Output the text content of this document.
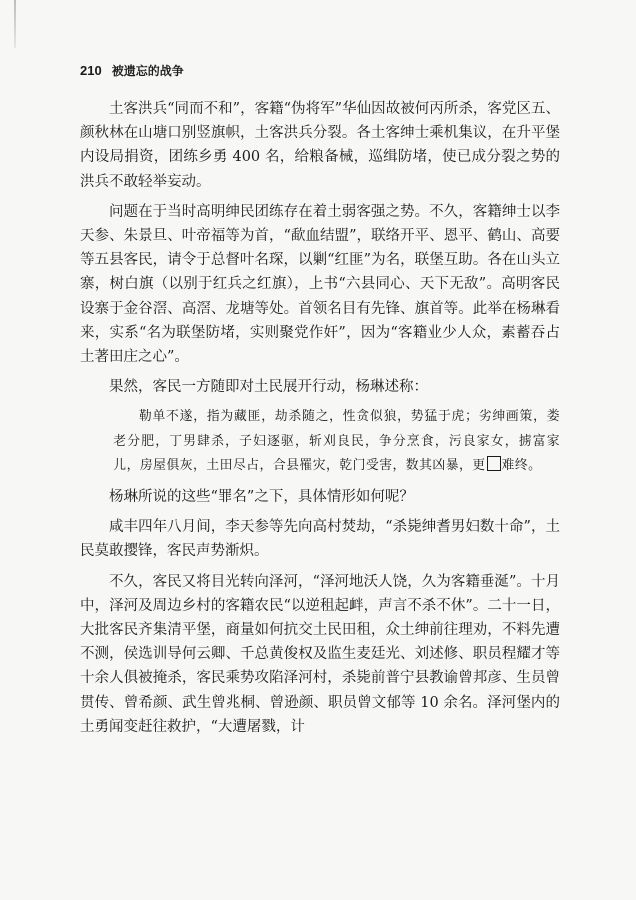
210 被遗忘的战争

土客洪兵“同而不和”，客籍“伪将军”华仙因故被何丙所杀，客党区五、颜秋林在山塘口别竖旗帜，土客洪兵分裂。各土客绅士乘机集议，在升平堡内设局捐资，团练乡勇 400 名，给粮备械，巡缉防堵，使已成分裂之势的洪兵不敢轻举妄动。

问题在于当时高明绅民团练存在着土弱客强之势。不久，客籍绅士以李天参、朱景旦、叶帝福等为首，“歃血结盟”，联络开平、恩平、鹤山、高要等五县客民，请令于总督叶名琛，以剿“红匪”为名，联堡互助。各在山头立寨，树白旗（以别于红兵之红旗），上书“六县同心、天下无敌”。高明客民设寨于金谷滘、高滘、龙塘等处。首领名目有先锋、旗首等。此举在杨琳看来，实系“名为联堡防堵，实则聚党作奸”，因为“客籍业少人众，素蓄吞占土著田庄之心”。

果然，客民一方随即对土民展开行动，杨琳述称：

勒单不遂，指为藏匪，劫杀随之，性贪似狼，势猛于虎；劣绅画策，娄老分肥，丁男肆杀，子妇逐驱，斩刈良民，争分烹食，污良家女，掳富家儿，房屋俱灰，土田尽占，合县罹灾，乾门受害，数其凶暴，更 难终。

杨琳所说的这些“罪名”之下，具体情形如何呢？

咸丰四年八月间，李天参等先向高村焚劫，“杀毙绅耆男妇数十命”，土民莫敢撄锋，客民声势渐炽。

不久，客民又将目光转向泽河，“泽河地沃人饶，久为客籍垂涎”。十月中，泽河及周边乡村的客籍农民“以逆租起衅，声言不杀不休”。二十一日，大批客民齐集清平堡，商量如何抗交土民田租，众土绅前往理劝，不料先遭不测，侯选训导何云卿、千总黄俊权及监生麦廷光、刘述修、职员程耀才等十余人俱被掩杀，客民乘势攻陷泽河村，杀毙前普宁县教谕曾邦彦、生员曾贯传、曾希颜、武生曾兆桐、曾逊颜、职员曾文郁等 10 余名。泽河堡内的土勇闻变赶往救护，“大遭屠戮，计
